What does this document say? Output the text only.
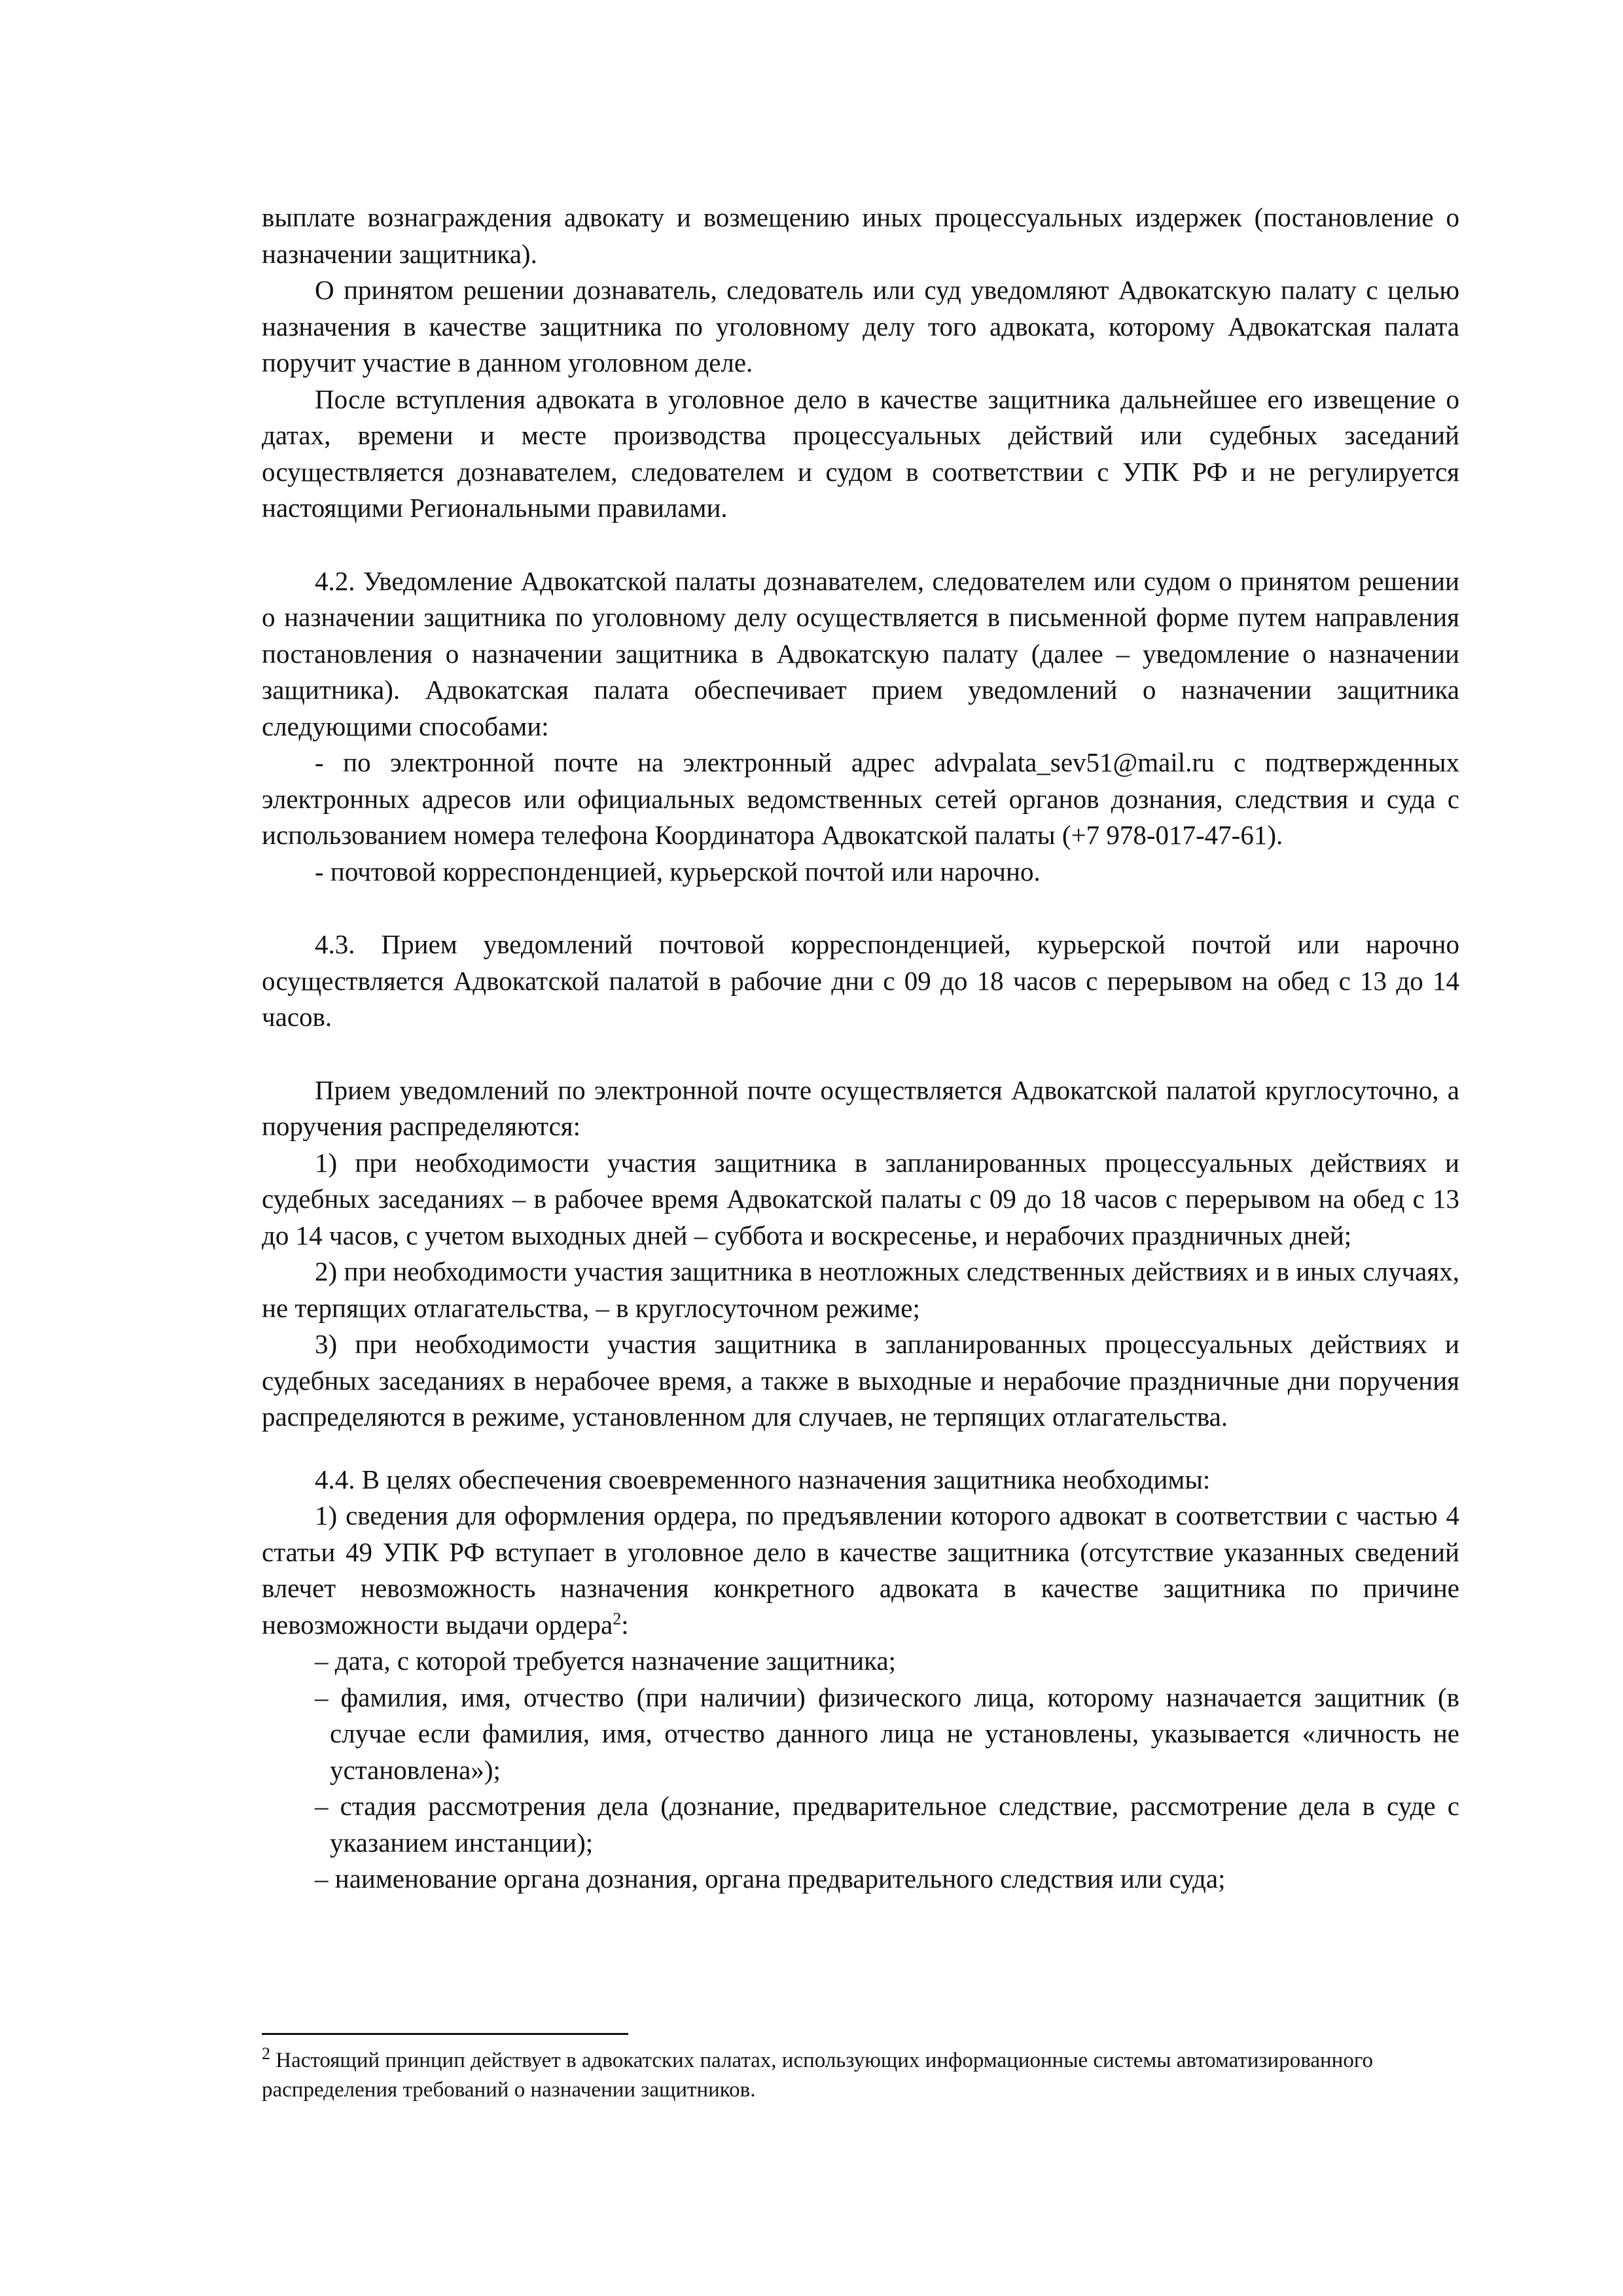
выплате вознаграждения адвокату и возмещению иных процессуальных издержек (постановление о назначении защитника).

О принятом решении дознаватель, следователь или суд уведомляют Адвокатскую палату с целью назначения в качестве защитника по уголовному делу того адвоката, которому Адвокатская палата поручит участие в данном уголовном деле.

После вступления адвоката в уголовное дело в качестве защитника дальнейшее его извещение о датах, времени и месте производства процессуальных действий или судебных заседаний осуществляется дознавателем, следователем и судом в соответствии с УПК РФ и не регулируется настоящими Региональными правилами.

4.2. Уведомление Адвокатской палаты дознавателем, следователем или судом о принятом решении о назначении защитника по уголовному делу осуществляется в письменной форме путем направления постановления о назначении защитника в Адвокатскую палату (далее – уведомление о назначении защитника). Адвокатская палата обеспечивает прием уведомлений о назначении защитника следующими способами:

- по электронной почте на электронный адрес advpalata_sev51@mail.ru с подтвержденных электронных адресов или официальных ведомственных сетей органов дознания, следствия и суда с использованием номера телефона Координатора Адвокатской палаты (+7 978-017-47-61).

- почтовой корреспонденцией, курьерской почтой или нарочно.

4.3. Прием уведомлений почтовой корреспонденцией, курьерской почтой или нарочно осуществляется Адвокатской палатой в рабочие дни с 09 до 18 часов с перерывом на обед с 13 до 14 часов.

Прием уведомлений по электронной почте осуществляется Адвокатской палатой круглосуточно, а поручения распределяются:

1) при необходимости участия защитника в запланированных процессуальных действиях и судебных заседаниях – в рабочее время Адвокатской палаты с 09 до 18 часов с перерывом на обед с 13 до 14 часов, с учетом выходных дней – суббота и воскресенье, и нерабочих праздничных дней;

2) при необходимости участия защитника в неотложных следственных действиях и в иных случаях, не терпящих отлагательства, – в круглосуточном режиме;

3) при необходимости участия защитника в запланированных процессуальных действиях и судебных заседаниях в нерабочее время, а также в выходные и нерабочие праздничные дни поручения распределяются в режиме, установленном для случаев, не терпящих отлагательства.

4.4. В целях обеспечения своевременного назначения защитника необходимы:

1) сведения для оформления ордера, по предъявлении которого адвокат в соответствии с частью 4 статьи 49 УПК РФ вступает в уголовное дело в качестве защитника (отсутствие указанных сведений влечет невозможность назначения конкретного адвоката в качестве защитника по причине невозможности выдачи ордера$^2$:

– дата, с которой требуется назначение защитника;

– фамилия, имя, отчество (при наличии) физического лица, которому назначается защитник (в случае если фамилия, имя, отчество данного лица не установлены, указывается «личность не установлена»);

– стадия рассмотрения дела (дознание, предварительное следствие, рассмотрение дела в суде с указанием инстанции);

– наименование органа дознания, органа предварительного следствия или суда;

$^2$ Настоящий принцип действует в адвокатских палатах, использующих информационные системы автоматизированного распределения требований о назначении защитников.
